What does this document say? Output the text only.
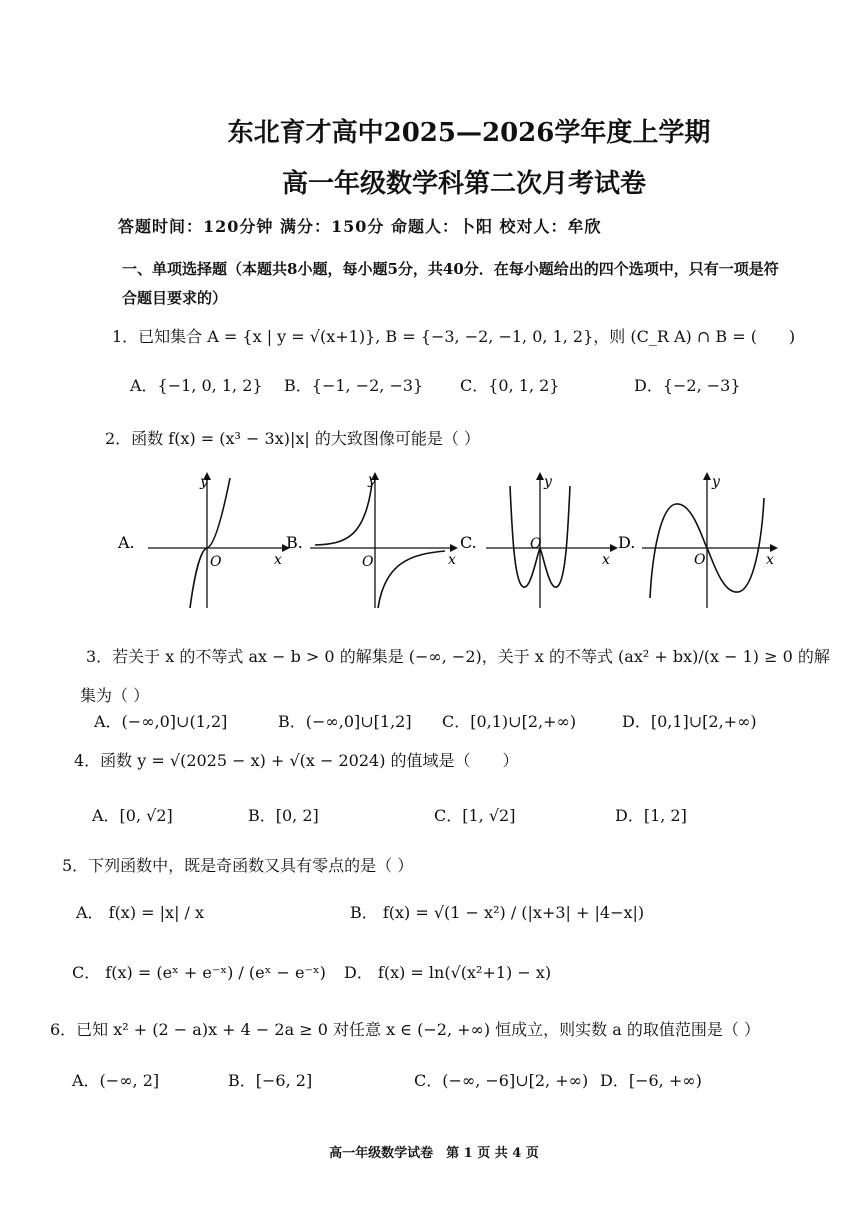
东北育才高中2025—2026学年度上学期
高一年级数学科第二次月考试卷
答题时间：120分钟 满分：150分 命题人：卜阳 校对人：牟欣
一、单项选择题（本题共8小题，每小题5分，共40分．在每小题给出的四个选项中，只有一项是符合题目要求的）
1．已知集合 A = {x | y = √(x+1)}, B = {−3, −2, −1, 0, 1, 2}，则 (C_R A) ∩ B = (　　)
A．{−1, 0, 1, 2} B．{−1, −2, −3} C．{0, 1, 2}	D．{−2, −3}
2．函数 f(x) = (x³ − 3x)|x| 的大致图像可能是（ ）
A.
O	x
y
B.
O	x
y
C.	O
x
y
D.
O	x
y
3．若关于 x 的不等式 ax − b > 0 的解集是 (−∞, −2)，关于 x 的不等式 (ax² + bx)/(x − 1) ≥ 0 的解
集为（ ）
A．(−∞,0]∪(1,2]	B．(−∞,0]∪[1,2] C．[0,1)∪[2,+∞)	D．[0,1]∪[2,+∞)
4．函数 y = √(2025 − x) + √(x − 2024) 的值域是（　　）
A．[0, √2]	B．[0, 2]	C．[1, √2]	D．[1, 2]
5．下列函数中，既是奇函数又具有零点的是（ ）
A． f(x) = |x| / x	B． f(x) = √(1 − x²) / (|x+3| + |4−x|)
C． f(x) = (eˣ + e⁻ˣ) / (eˣ − e⁻ˣ) D． f(x) = ln(√(x²+1) − x)
6．已知 x² + (2 − a)x + 4 − 2a ≥ 0 对任意 x ∈ (−2, +∞) 恒成立，则实数 a 的取值范围是（ ）
A．(−∞, 2]	B．[−6, 2]	C．(−∞, −6]∪[2, +∞) D．[−6, +∞)
高一年级数学试卷　第 1 页 共 4 页
